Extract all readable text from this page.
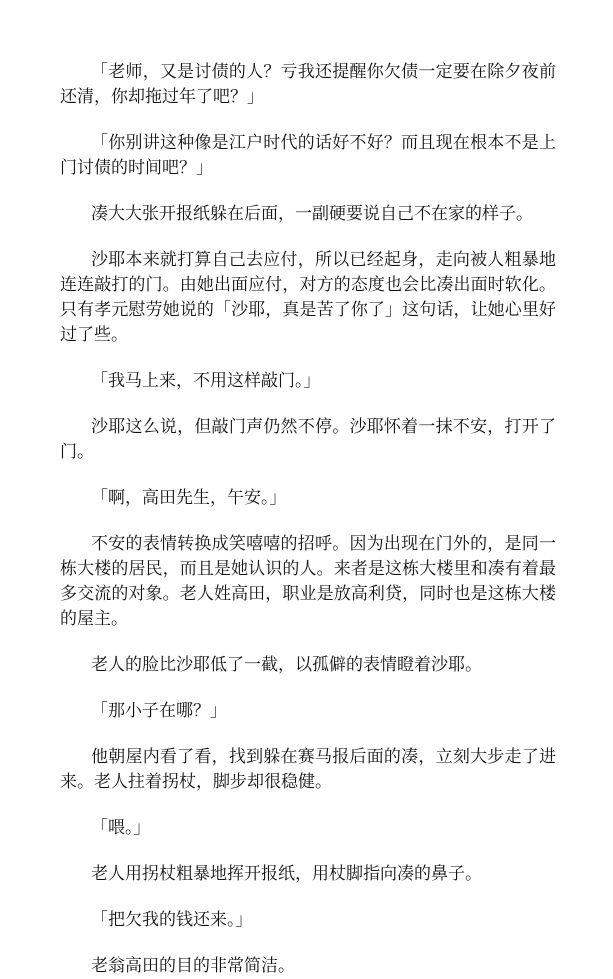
「老师，又是讨债的人？亏我还提醒你欠债一定要在除夕夜前还清，你却拖过年了吧？」

「你别讲这种像是江户时代的话好不好？而且现在根本不是上门讨债的时间吧？」

凑大大张开报纸躲在后面，一副硬要说自己不在家的样子。

沙耶本来就打算自己去应付，所以已经起身，走向被人粗暴地连连敲打的门。由她出面应付，对方的态度也会比凑出面时软化。只有孝元慰劳她说的「沙耶，真是苦了你了」这句话，让她心里好过了些。

「我马上来，不用这样敲门。」

沙耶这么说，但敲门声仍然不停。沙耶怀着一抹不安，打开了门。

「啊，高田先生，午安。」

不安的表情转换成笑嘻嘻的招呼。因为出现在门外的，是同一栋大楼的居民，而且是她认识的人。来者是这栋大楼里和凑有着最多交流的对象。老人姓高田，职业是放高利贷，同时也是这栋大楼的屋主。

老人的脸比沙耶低了一截，以孤僻的表情瞪着沙耶。

「那小子在哪？」

他朝屋内看了看，找到躲在赛马报后面的凑，立刻大步走了进来。老人拄着拐杖，脚步却很稳健。

「喂。」

老人用拐杖粗暴地挥开报纸，用杖脚指向凑的鼻子。

「把欠我的钱还来。」

老翁高田的目的非常简洁。
